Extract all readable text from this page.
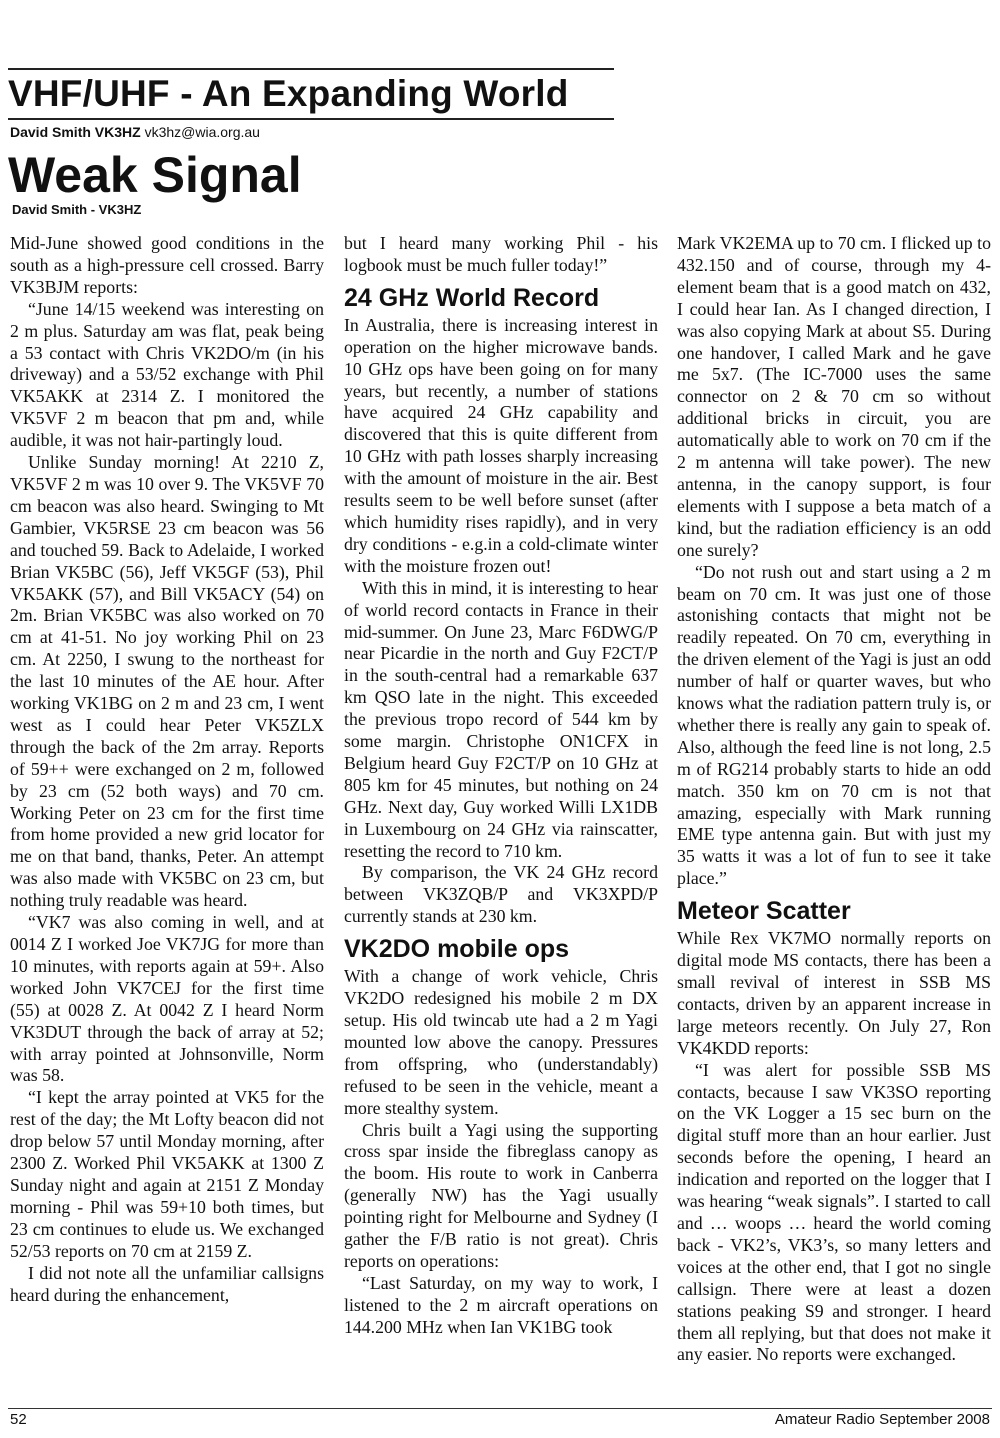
VHF/UHF - An Expanding World
David Smith VK3HZ vk3hz@wia.org.au
Weak Signal
David Smith - VK3HZ

Mid-June showed good conditions in the south as a high-pressure cell crossed. Barry VK3BJM reports:

“June 14/15 weekend was interesting on 2 m plus. Saturday am was flat, peak being a 53 contact with Chris VK2DO/m (in his driveway) and a 53/52 exchange with Phil VK5AKK at 2314 Z. I monitored the VK5VF 2 m beacon that pm and, while audible, it was not hair-partingly loud.

Unlike Sunday morning! At 2210 Z, VK5VF 2 m was 10 over 9. The VK5VF 70 cm beacon was also heard. Swinging to Mt Gambier, VK5RSE 23 cm beacon was 56 and touched 59. Back to Adelaide, I worked Brian VK5BC (56), Jeff VK5GF (53), Phil VK5AKK (57), and Bill VK5ACY (54) on 2m. Brian VK5BC was also worked on 70 cm at 41-51. No joy working Phil on 23 cm. At 2250, I swung to the northeast for the last 10 minutes of the AE hour. After working VK1BG on 2 m and 23 cm, I went west as I could hear Peter VK5ZLX through the back of the 2m array. Reports of 59++ were exchanged on 2 m, followed by 23 cm (52 both ways) and 70 cm. Working Peter on 23 cm for the first time from home provided a new grid locator for me on that band, thanks, Peter. An attempt was also made with VK5BC on 23 cm, but nothing truly readable was heard.

“VK7 was also coming in well, and at 0014 Z I worked Joe VK7JG for more than 10 minutes, with reports again at 59+. Also worked John VK7CEJ for the first time (55) at 0028 Z. At 0042 Z I heard Norm VK3DUT through the back of array at 52; with array pointed at Johnsonville, Norm was 58.

“I kept the array pointed at VK5 for the rest of the day; the Mt Lofty beacon did not drop below 57 until Monday morning, after 2300 Z. Worked Phil VK5AKK at 1300 Z Sunday night and again at 2151 Z Monday morning - Phil was 59+10 both times, but 23 cm continues to elude us. We exchanged 52/53 reports on 70 cm at 2159 Z.

I did not note all the unfamiliar callsigns heard during the enhancement,

but I heard many working Phil - his logbook must be much fuller today!”

24 GHz World Record

In Australia, there is increasing interest in operation on the higher microwave bands. 10 GHz ops have been going on for many years, but recently, a number of stations have acquired 24 GHz capability and discovered that this is quite different from 10 GHz with path losses sharply increasing with the amount of moisture in the air. Best results seem to be well before sunset (after which humidity rises rapidly), and in very dry conditions - e.g.in a cold-climate winter with the moisture frozen out!

With this in mind, it is interesting to hear of world record contacts in France in their mid-summer. On June 23, Marc F6DWG/P near Picardie in the north and Guy F2CT/P in the south-central had a remarkable 637 km QSO late in the night. This exceeded the previous tropo record of 544 km by some margin. Christophe ON1CFX in Belgium heard Guy F2CT/P on 10 GHz at 805 km for 45 minutes, but nothing on 24 GHz. Next day, Guy worked Willi LX1DB in Luxembourg on 24 GHz via rainscatter, resetting the record to 710 km.

By comparison, the VK 24 GHz record between VK3ZQB/P and VK3XPD/P currently stands at 230 km.

VK2DO mobile ops

With a change of work vehicle, Chris VK2DO redesigned his mobile 2 m DX setup. His old twincab ute had a 2 m Yagi mounted low above the canopy. Pressures from offspring, who (understandably) refused to be seen in the vehicle, meant a more stealthy system.

Chris built a Yagi using the supporting cross spar inside the fibreglass canopy as the boom. His route to work in Canberra (generally NW) has the Yagi usually pointing right for Melbourne and Sydney (I gather the F/B ratio is not great). Chris reports on operations:

“Last Saturday, on my way to work, I listened to the 2 m aircraft operations on 144.200 MHz when Ian VK1BG took

Mark VK2EMA up to 70 cm. I flicked up to 432.150 and of course, through my 4-element beam that is a good match on 432, I could hear Ian. As I changed direction, I was also copying Mark at about S5. During one handover, I called Mark and he gave me 5x7. (The IC-7000 uses the same connector on 2 & 70 cm so without additional bricks in circuit, you are automatically able to work on 70 cm if the 2 m antenna will take power). The new antenna, in the canopy support, is four elements with I suppose a beta match of a kind, but the radiation efficiency is an odd one surely?

“Do not rush out and start using a 2 m beam on 70 cm. It was just one of those astonishing contacts that might not be readily repeated. On 70 cm, everything in the driven element of the Yagi is just an odd number of half or quarter waves, but who knows what the radiation pattern truly is, or whether there is really any gain to speak of. Also, although the feed line is not long, 2.5 m of RG214 probably starts to hide an odd match. 350 km on 70 cm is not that amazing, especially with Mark running EME type antenna gain. But with just my 35 watts it was a lot of fun to see it take place.”

Meteor Scatter

While Rex VK7MO normally reports on digital mode MS contacts, there has been a small revival of interest in SSB MS contacts, driven by an apparent increase in large meteors recently. On July 27, Ron VK4KDD reports:

“I was alert for possible SSB MS contacts, because I saw VK3SO reporting on the VK Logger a 15 sec burn on the digital stuff more than an hour earlier. Just seconds before the opening, I heard an indication and reported on the logger that I was hearing “weak signals”. I started to call and … woops … heard the world coming back - VK2’s, VK3’s, so many letters and voices at the other end, that I got no single callsign. There were at least a dozen stations peaking S9 and stronger. I heard them all replying, but that does not make it any easier. No reports were exchanged.

52	Amateur Radio September 2008
